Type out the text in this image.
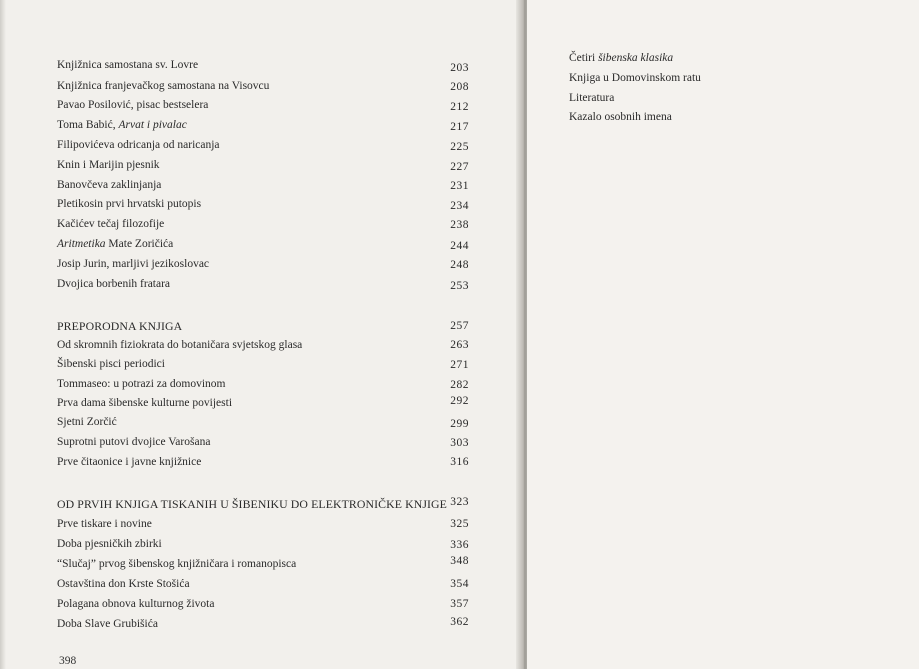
Knjižnica samostana sv. Lovre	203
Knjižnica franjevačkog samostana na Visovcu	208
Pavao Posilović, pisac bestselera	212
Toma Babić, Arvat i pivalac	217
Filipovićeva odricanja od naricanja	225
Knin i Marijin pjesnik	227
Banovčeva zaklinjanja	231
Pletikosin prvi hrvatski putopis	234
Kačićev tečaj filozofije	238
Aritmetika Mate Zoričića	244
Josip Jurin, marljivi jezikoslovac	248
Dvojica borbenih fratara	253
PREPORODNA KNJIGA	257
Od skromnih fiziokrata do botaničara svjetskog glasa	263
Šibenski pisci periodici	271
Tommaseo: u potrazi za domovinom	282
Prva dama šibenske kulturne povijesti	292
Sjetni Zorčić	299
Suprotni putovi dvojice Varošana	303
Prve čitaonice i javne knjižnice	316
OD PRVIH KNJIGA TISKANIH U ŠIBENIKU DO ELEKTRONIČKE KNJIGE 323
Prve tiskare i novine	325
Doba pjesničkih zbirki	336
“Slučaj” prvog šibenskog knjižničara i romanopisca	348
Ostavština don Krste Stošića	354
Polagana obnova kulturnog života	357
Doba Slave Grubišića	362
398
Četiri šibenska klasika
Knjiga u Domovinskom ratu
Literatura
Kazalo osobnih imena
